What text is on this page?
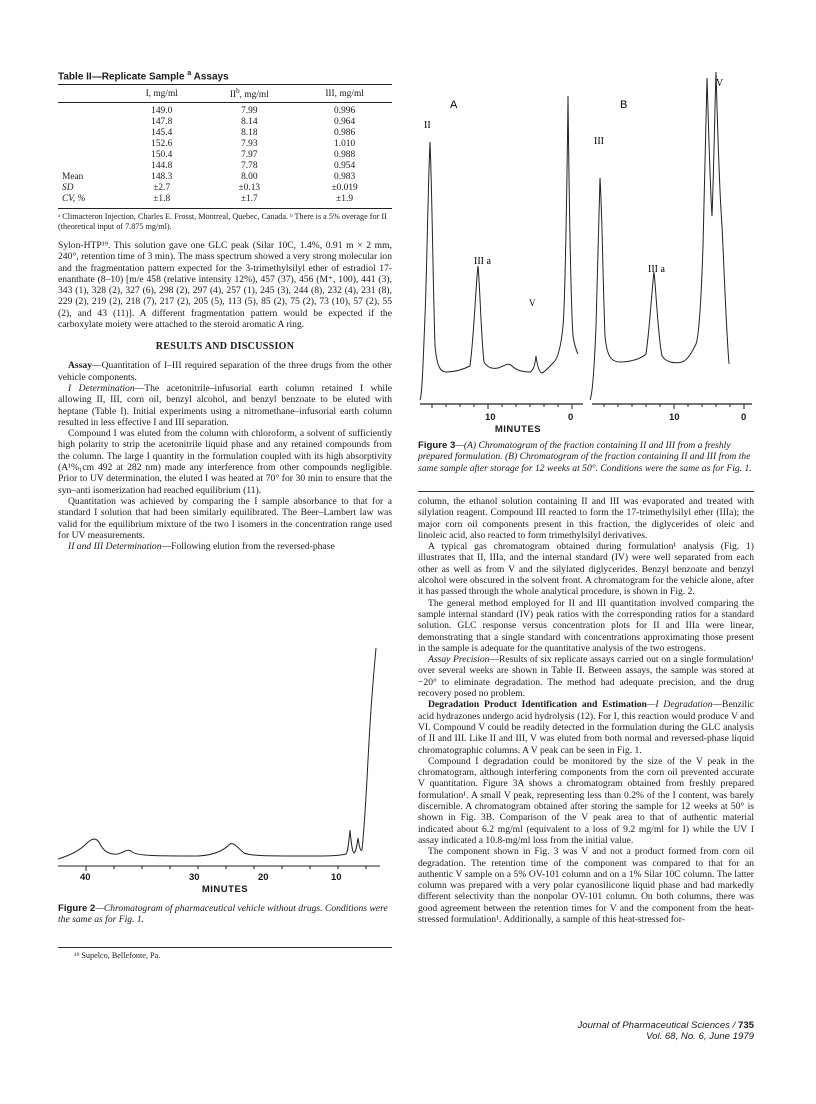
Table II—Replicate Sample $^a$ Assays

	I, mg/ml	$II^b$, mg/ml	III, mg/ml
	149.0	7.99	0.996
	147.8	8.14	0.964
	145.4	8.18	0.986
	152.6	7.93	1.010
	150.4	7.97	0.988
	144.8	7.78	0.954
Mean	148.3	8.00	0.983
SD	±2.7	±0.13	±0.019
CV, %	±1.8	±1.7	±1.9

ᵃ Climacteron Injection, Charles E. Frosst, Montreal, Quebec, Canada. ᵇ There is a 5% overage for II (theoretical input of 7.875 mg/ml).

Sylon-HTP¹⁹. This solution gave one GLC peak (Silar 10C, 1.4%, 0.91 m × 2 mm, 240°, retention time of 3 min). The mass spectrum showed a very strong molecular ion and the fragmentation pattern expected for the 3-trimethylsilyl ether of estradiol 17-enanthate (8–10) [m/e 458 (relative intensity 12%), 457 (37), 456 (M⁺, 100), 441 (3), 343 (1), 328 (2), 327 (6), 298 (2), 297 (4), 257 (1), 245 (3), 244 (8), 232 (4), 231 (8), 229 (2), 219 (2), 218 (7), 217 (2), 205 (5), 113 (5), 85 (2), 75 (2), 73 (10), 57 (2), 55 (2), and 43 (11)]. A different fragmentation pattern would be expected if the carboxylate moiety were attached to the steroid aromatic A ring.

RESULTS AND DISCUSSION

Assay—Quantitation of I–III required separation of the three drugs from the other vehicle components.

I Determination—The acetonitrile–infusorial earth column retained I while allowing II, III, corn oil, benzyl alcohol, and benzyl benzoate to be eluted with heptane (Table I). Initial experiments using a nitromethane–infusorial earth column resulted in less effective I and III separation.

Compound I was eluted from the column with chloroform, a solvent of sufficiently high polarity to strip the acetonitrile liquid phase and any retained compounds from the column. The large I quantity in the formulation coupled with its high absorptivity (A¹%₁cm 492 at 282 nm) made any interference from other compounds negligible. Prior to UV determination, the eluted I was heated at 70° for 30 min to ensure that the syn–anti isomerization had reached equilibrium (11).

Quantitation was achieved by comparing the I sample absorbance to that for a standard I solution that had been similarly equilibrated. The Beer–Lambert law was valid for the equilibrium mixture of the two I isomers in the concentration range used for UV measurements.

II and III Determination—Following elution from the reversed-phase

40	30	20	10
MINUTES

Figure 2—Chromatogram of pharmaceutical vehicle without drugs. Conditions were the same as for Fig. 1.

¹⁹ Supelco, Bellefonte, Pa.

A	B
II
III a
V
III
III a
V
10	0	10	0
MINUTES

Figure 3—(A) Chromatogram of the fraction containing II and III from a freshly prepared formulation. (B) Chromatogram of the fraction containing II and III from the same sample after storage for 12 weeks at 50°. Conditions were the same as for Fig. 1.

column, the ethanol solution containing II and III was evaporated and treated with silylation reagent. Compound III reacted to form the 17-trimethylsilyl ether (IIIa); the major corn oil components present in this fraction, the diglycerides of oleic and linoleic acid, also reacted to form trimethylsilyl derivatives.

A typical gas chromatogram obtained during formulation¹ analysis (Fig. 1) illustrates that II, IIIa, and the internal standard (IV) were well separated from each other as well as from V and the silylated diglycerides. Benzyl benzoate and benzyl alcohol were obscured in the solvent front. A chromatogram for the vehicle alone, after it has passed through the whole analytical procedure, is shown in Fig. 2.

The general method employed for II and III quantitation involved comparing the sample internal standard (IV) peak ratios with the corresponding ratios for a standard solution. GLC response versus concentration plots for II and IIIa were linear, demonstrating that a single standard with concentrations approximating those present in the sample is adequate for the quantitative analysis of the two estrogens.

Assay Precision—Results of six replicate assays carried out on a single formulation¹ over several weeks are shown in Table II. Between assays, the sample was stored at −20° to eliminate degradation. The method had adequate precision, and the drug recovery posed no problem.

Degradation Product Identification and Estimation—I Degradation—Benzilic acid hydrazones undergo acid hydrolysis (12). For I, this reaction would produce V and VI. Compound V could be readily detected in the formulation during the GLC analysis of II and III. Like II and III, V was eluted from both normal and reversed-phase liquid chromatographic columns. A V peak can be seen in Fig. 1.

Compound I degradation could be monitored by the size of the V peak in the chromatogram, although interfering components from the corn oil prevented accurate V quantitation. Figure 3A shows a chromatogram obtained from freshly prepared formulation¹. A small V peak, representing less than 0.2% of the I content, was barely discernible. A chromatogram obtained after storing the sample for 12 weeks at 50° is shown in Fig. 3B. Comparison of the V peak area to that of authentic material indicated about 6.2 mg/ml (equivalent to a loss of 9.2 mg/ml for I) while the UV I assay indicated a 10.8-mg/ml loss from the initial value.

The component shown in Fig. 3 was V and not a product formed from corn oil degradation. The retention time of the component was compared to that for an authentic V sample on a 5% OV-101 column and on a 1% Silar 10C column. The latter column was prepared with a very polar cyanosilicone liquid phase and had markedly different selectivity than the nonpolar OV-101 column. On both columns, there was good agreement between the retention times for V and the component from the heat-stressed formulation¹. Additionally, a sample of this heat-stressed for-

Journal of Pharmaceutical Sciences / 735
Vol. 68, No. 6, June 1979
